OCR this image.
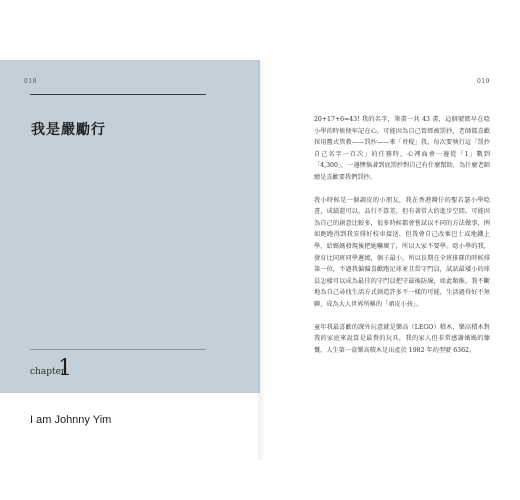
018
我是嚴勵行
chapter
1
I am Johnny Yim
019

20+17+6=43! 我的名字，筆畫一共 43 畫，這個號碼早在唸小學的時候便牢記在心，可能因為自己曾經被罰抄，老師都喜歡採用舊式管教——罰抄——來「脅棍」我，每次要執行這「罰抄自己名字一百次」的任務時，心裡面會一邊從「1」數到「4,300」，一邊懊惱著到底罰抄對自己有什麼幫助，為什麼老師總是喜歡要我們罰抄。

我小時候是一個調皮的小朋友，我在香港灣仔的聖若瑟小學唸書，成績還可以，品行不算差，但有著常大的進步空間。可能因為自己的創意比較多，很多時候都會嘗試以不同的方法做事，例如跑跑得到我安排好校車接送，但我會自己改乘巴士或地鐵上學，給媽媽發現後把她嚇壞了，所以大家不要學。唸小學的我，發育比同班同學遲緩，個子最小，所以長期在全班排隊的時候排第一位，不過我偏偏喜歡跑足球並且當守門員，試試最矮小的球員怎樣可以成為最佳的守門員把守最後防線，如此類推，我不斷地為自己尋找生活方式創造許多不一樣的可能，生活過得好不無聊，成為大人世界所稱的「頑皮小孩」。

童年我最喜歡的課外玩意就是樂高（LEGO）積木，樂高積木對我的家庭來說算是最貴的玩具，我的家人但非常感謝媽媽的慷慨，人生第一盒樂高積木是出產於 1982 年的型號 6362。
